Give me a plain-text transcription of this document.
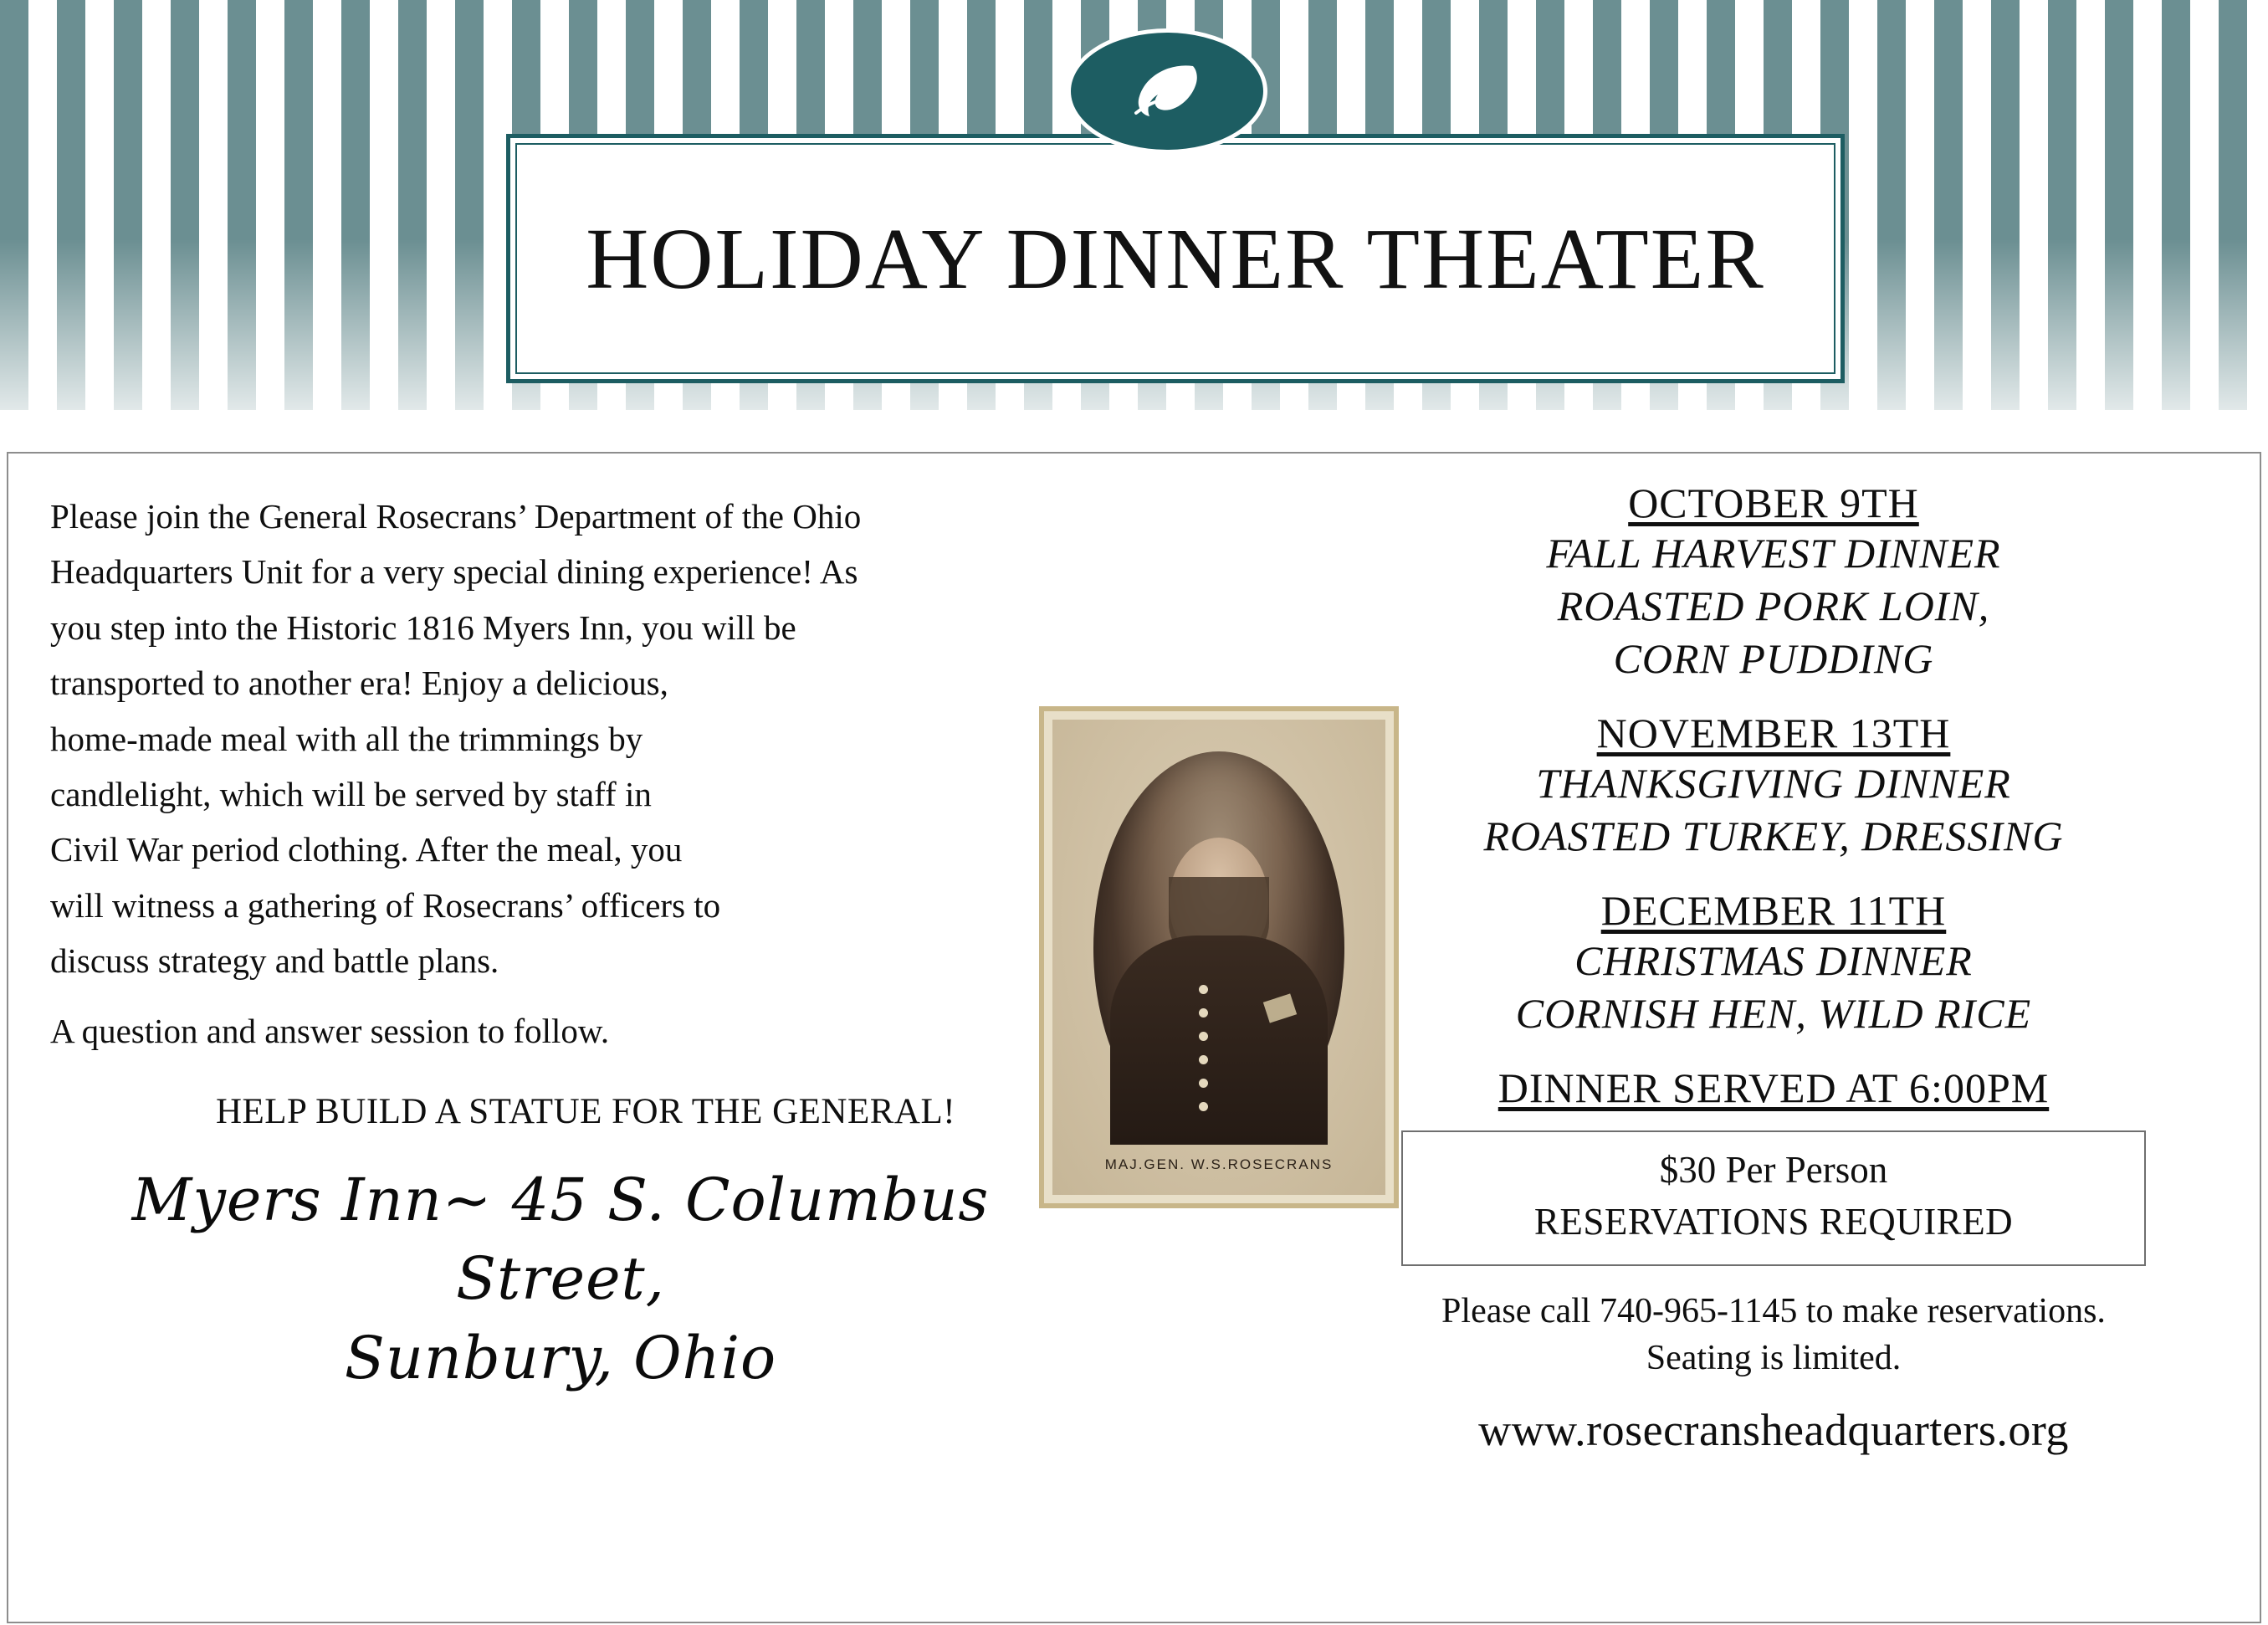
HOLIDAY DINNER THEATER

Please join the General Rosecrans’ Department of the Ohio

Headquarters Unit for a very special dining experience! As

you step into the Historic 1816 Myers Inn, you will be

transported to another era! Enjoy a delicious,

home-made meal with all the trimmings by

candlelight, which will be served by staff in

Civil War period clothing. After the meal, you

will witness a gathering of Rosecrans’ officers to

discuss strategy and battle plans.

A question and answer session to follow.
HELP BUILD A STATUE FOR THE GENERAL!
Myers Inn~ 45 S. Columbus Street,
Sunbury, Ohio
MAJ.GEN. W.S.ROSECRANS
OCTOBER 9TH
FALL HARVEST DINNER
ROASTED PORK LOIN,
CORN PUDDING
NOVEMBER 13TH
THANKSGIVING DINNER
ROASTED TURKEY, DRESSING
DECEMBER 11TH
CHRISTMAS DINNER
CORNISH HEN, WILD RICE
DINNER SERVED AT 6:00PM
$30 Per Person
RESERVATIONS REQUIRED
Please call 740-965-1145 to make reservations.
Seating is limited.
www.rosecransheadquarters.org
